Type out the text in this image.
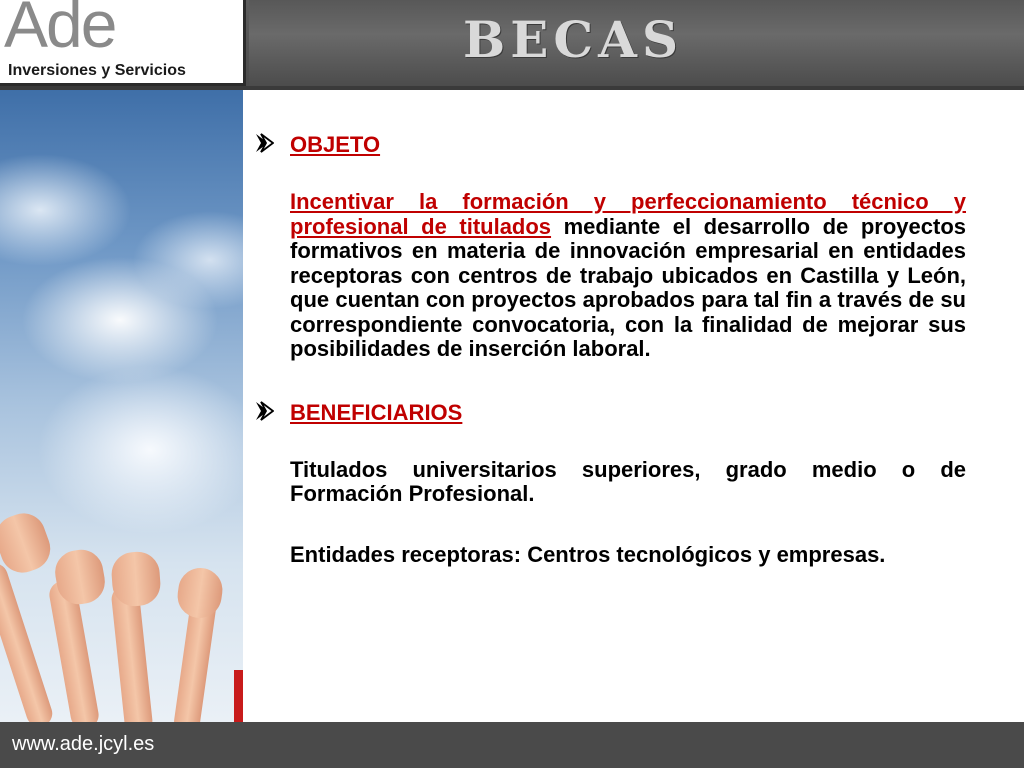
Ade
Inversiones y Servicios
BECAS
OBJETO
Incentivar la formación y perfeccionamiento técnico y profesional de titulados mediante el desarrollo de proyectos formativos en materia de innovación empresarial en entidades receptoras con centros de trabajo ubicados en Castilla y León, que cuentan con proyectos aprobados para tal fin a través de su correspondiente convocatoria, con la finalidad de mejorar sus posibilidades de inserción laboral.
BENEFICIARIOS
Titulados universitarios superiores, grado medio o de Formación Profesional.
Entidades receptoras: Centros tecnológicos y empresas.
www.ade.jcyl.es
